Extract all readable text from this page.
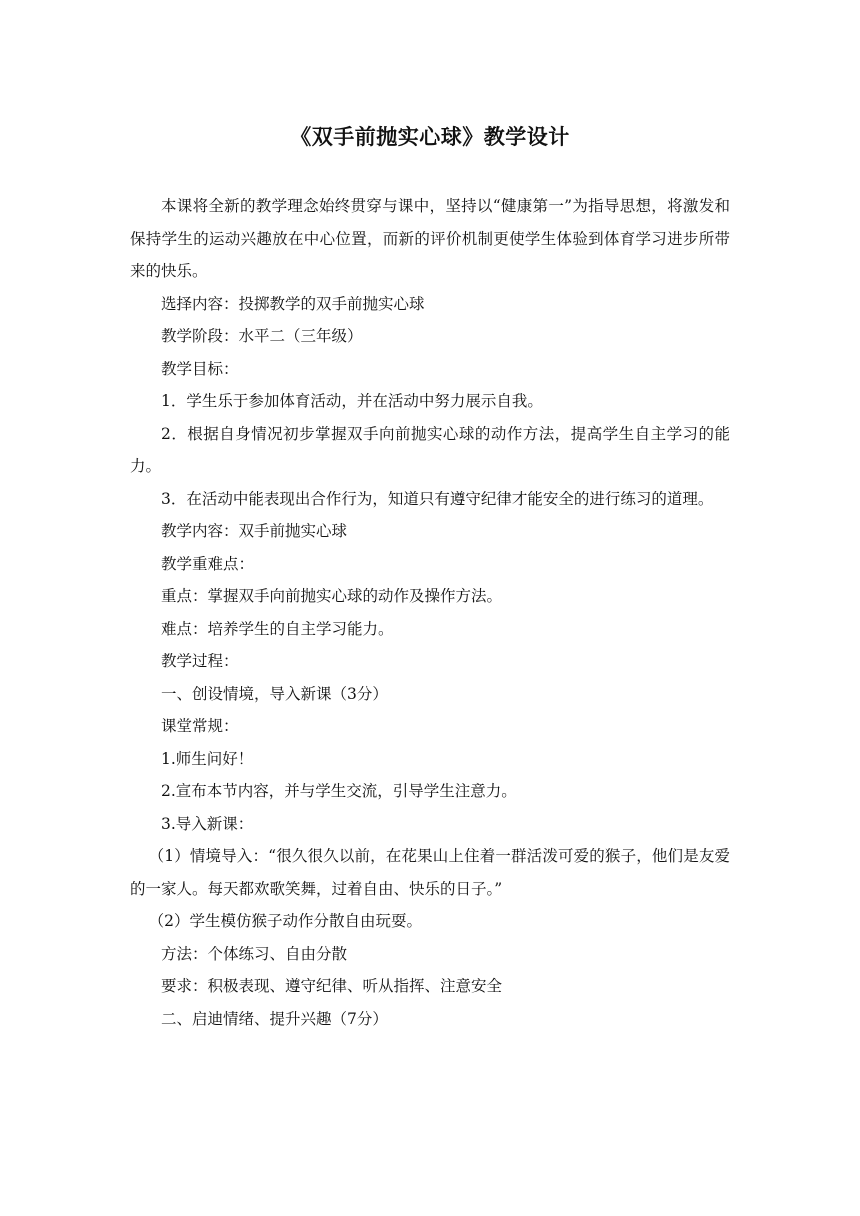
《双手前抛实心球》教学设计

本课将全新的教学理念始终贯穿与课中，坚持以“健康第一”为指导思想，将激发和保持学生的运动兴趣放在中心位置，而新的评价机制更使学生体验到体育学习进步所带来的快乐。

选择内容：投掷教学的双手前抛实心球

教学阶段：水平二（三年级）

教学目标：

1．学生乐于参加体育活动，并在活动中努力展示自我。

2．根据自身情况初步掌握双手向前抛实心球的动作方法，提高学生自主学习的能力。

3．在活动中能表现出合作行为，知道只有遵守纪律才能安全的进行练习的道理。

教学内容：双手前抛实心球

教学重难点：

重点：掌握双手向前抛实心球的动作及操作方法。

难点：培养学生的自主学习能力。

教学过程：

一、创设情境，导入新课（3分）

课堂常规：

1.师生问好！

2.宣布本节内容，并与学生交流，引导学生注意力。

3.导入新课：

（1）情境导入：“很久很久以前，在花果山上住着一群活泼可爱的猴子，他们是友爱的一家人。每天都欢歌笑舞，过着自由、快乐的日子。”

（2）学生模仿猴子动作分散自由玩耍。

方法：个体练习、自由分散

要求：积极表现、遵守纪律、听从指挥、注意安全

二、启迪情绪、提升兴趣（7分）
